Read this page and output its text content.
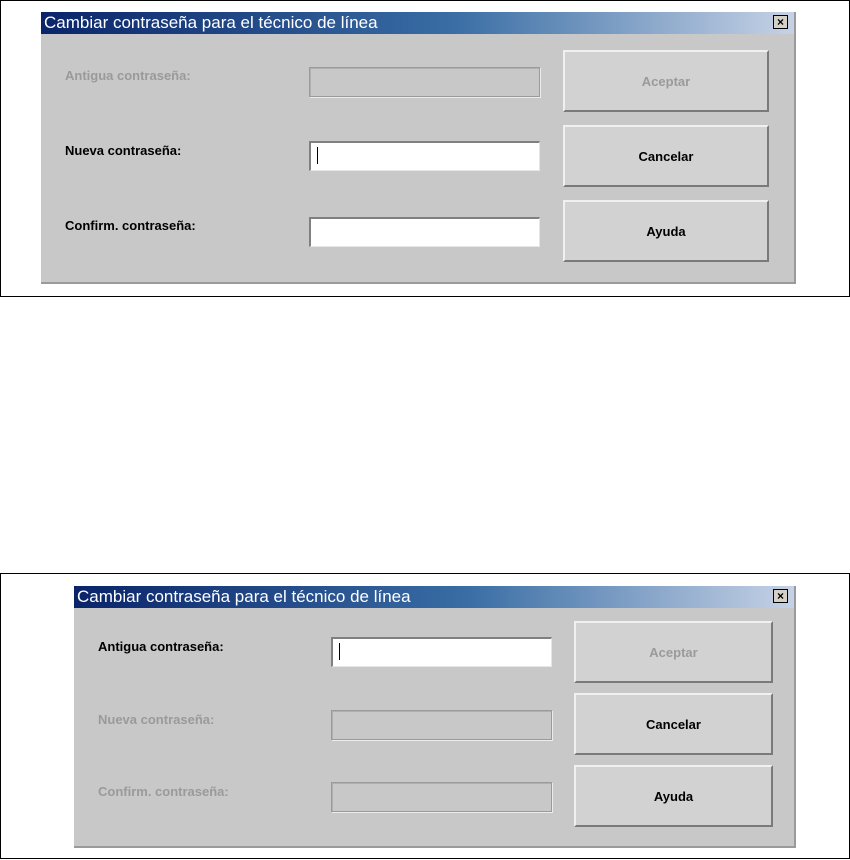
Cambiar contraseña para el técnico de línea	×
Antigua contraseña:
Nueva contraseña:
Confirm. contraseña:
Aceptar
Cancelar
Ayuda
Cambiar contraseña para el técnico de línea	×
Antigua contraseña:
Nueva contraseña:
Confirm. contraseña:
Aceptar
Cancelar
Ayuda
